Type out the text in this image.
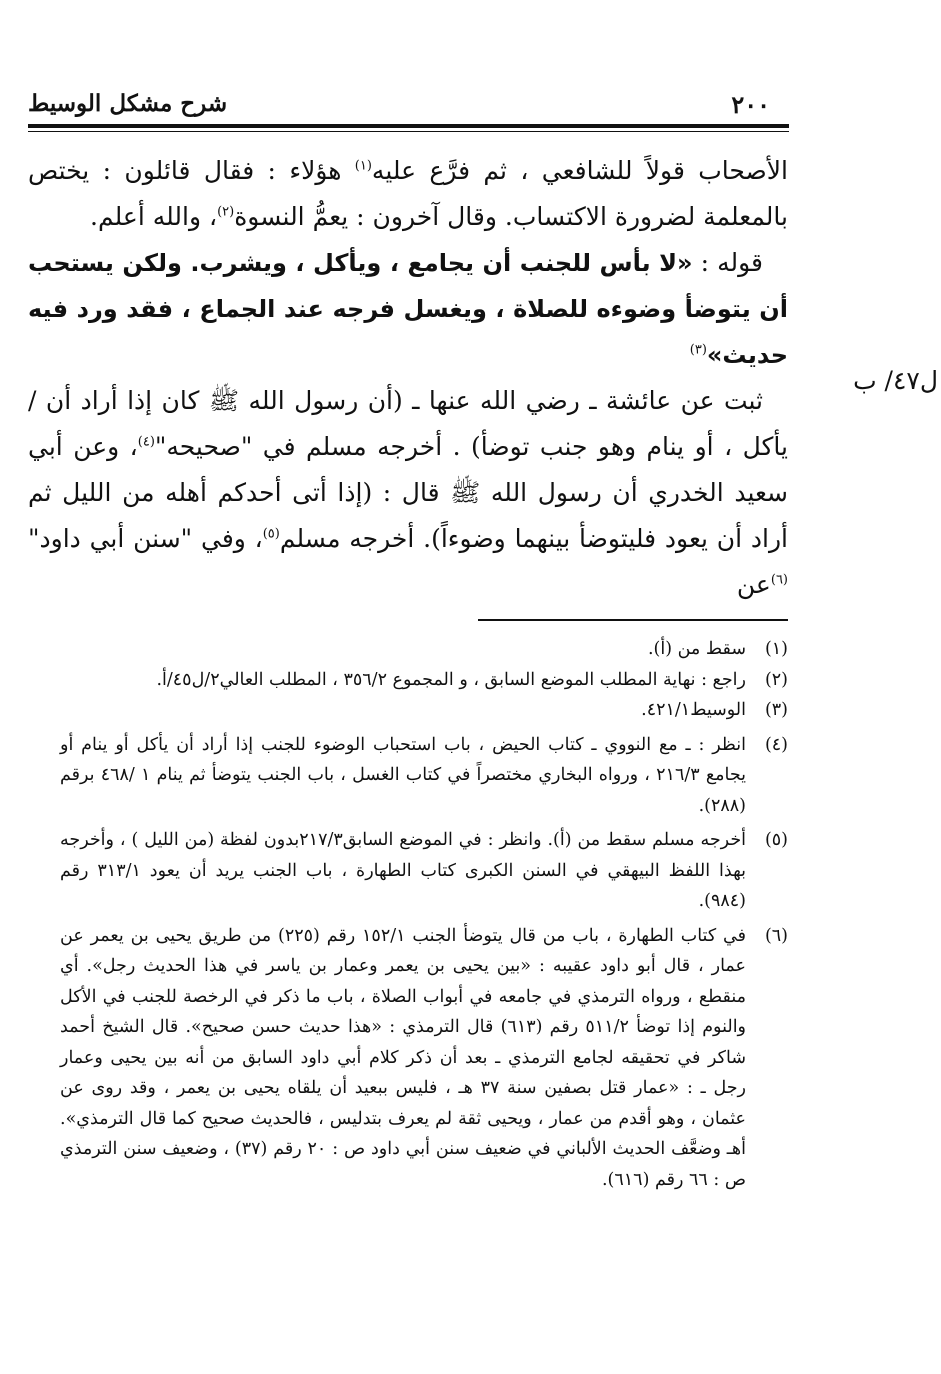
٢٠٠
شرح مشكل الوسيط

الأصحاب قولاً للشافعي ، ثم فرَّع عليه$^{(١)}$ هؤلاء : فقال قائلون : يختص بالمعلمة لضرورة الاكتساب. وقال آخرون : يعمُّ النسوة$^{(٢)}$، والله أعلم.

 قوله : «لا بأس للجنب أن يجامع ، ويأكل ، ويشرب. ولكن يستحب أن يتوضأ وضوءه للصلاة ، ويغسل فرجه عند الجماع ، فقد ورد فيه حديث»$^{(٣)}$

 ثبت عن عائشة ـ رضي الله عنها ـ (أن رسول الله ﷺ كان إذا أراد أن / يأكل ، أو ينام وهو جنب توضأ) . أخرجه مسلم في "صحيحه"$^{(٤)}$، وعن أبي سعيد الخدري أن رسول الله ﷺ قال : (إذا أتى أحدكم أهله من الليل ثم أراد أن يعود فليتوضأ بينهما وضوءاً). أخرجه مسلم$^{(٥)}$، وفي "سنن أبي داود"$^{(٦)}$عن

ل٤٧/ ب
(١)
سقط من (أ).
(٢)
راجع : نهاية المطلب الموضع السابق ، و المجموع ٣٥٦/٢ ، المطلب العالي٢/ل٤٥/أ.
(٣)
الوسيط٤٢١/١.
(٤)
انظر : ـ مع النووي ـ كتاب الحيض ، باب استحباب الوضوء للجنب إذا أراد أن يأكل أو ينام أو يجامع ٢١٦/٣ ، ورواه البخاري مختصراً في كتاب الغسل ، باب الجنب يتوضأ ثم ينام ١ /٤٦٨ برقم (٢٨٨).
(٥)
أخرجه مسلم سقط من (أ). وانظر : في الموضع السابق٢١٧/٣بدون لفظة (من الليل ) ، وأخرجه بهذا اللفظ البيهقي في السنن الكبرى كتاب الطهارة ، باب الجنب يريد أن يعود ٣١٣/١ رقم (٩٨٤).
(٦)
في كتاب الطهارة ، باب من قال يتوضأ الجنب ١٥٢/١ رقم (٢٢٥) من طريق يحيى بن يعمر عن عمار ، قال أبو داود عقيبه : «بين يحيى بن يعمر وعمار بن ياسر في هذا الحديث رجل». أي منقطع ، ورواه الترمذي في جامعه في أبواب الصلاة ، باب ما ذكر في الرخصة للجنب في الأكل والنوم إذا توضأ ٥١١/٢ رقم (٦١٣) قال الترمذي : «هذا حديث حسن صحيح». قال الشيخ أحمد شاكر في تحقيقه لجامع الترمذي ـ بعد أن ذكر كلام أبي داود السابق من أنه بين يحيى وعمار رجل ـ : «عمار قتل بصفين سنة ٣٧ هـ ، فليس ببعيد أن يلقاه يحيى بن يعمر ، وقد روى عن عثمان ، وهو أقدم من عمار ، ويحيى ثقة لم يعرف بتدليس ، فالحديث صحيح كما قال الترمذي». أهـ وضعَّف الحديث الألباني في ضعيف سنن أبي داود ص : ٢٠ رقم (٣٧) ، وضعيف سنن الترمذي ص : ٦٦ رقم (٦١٦).
